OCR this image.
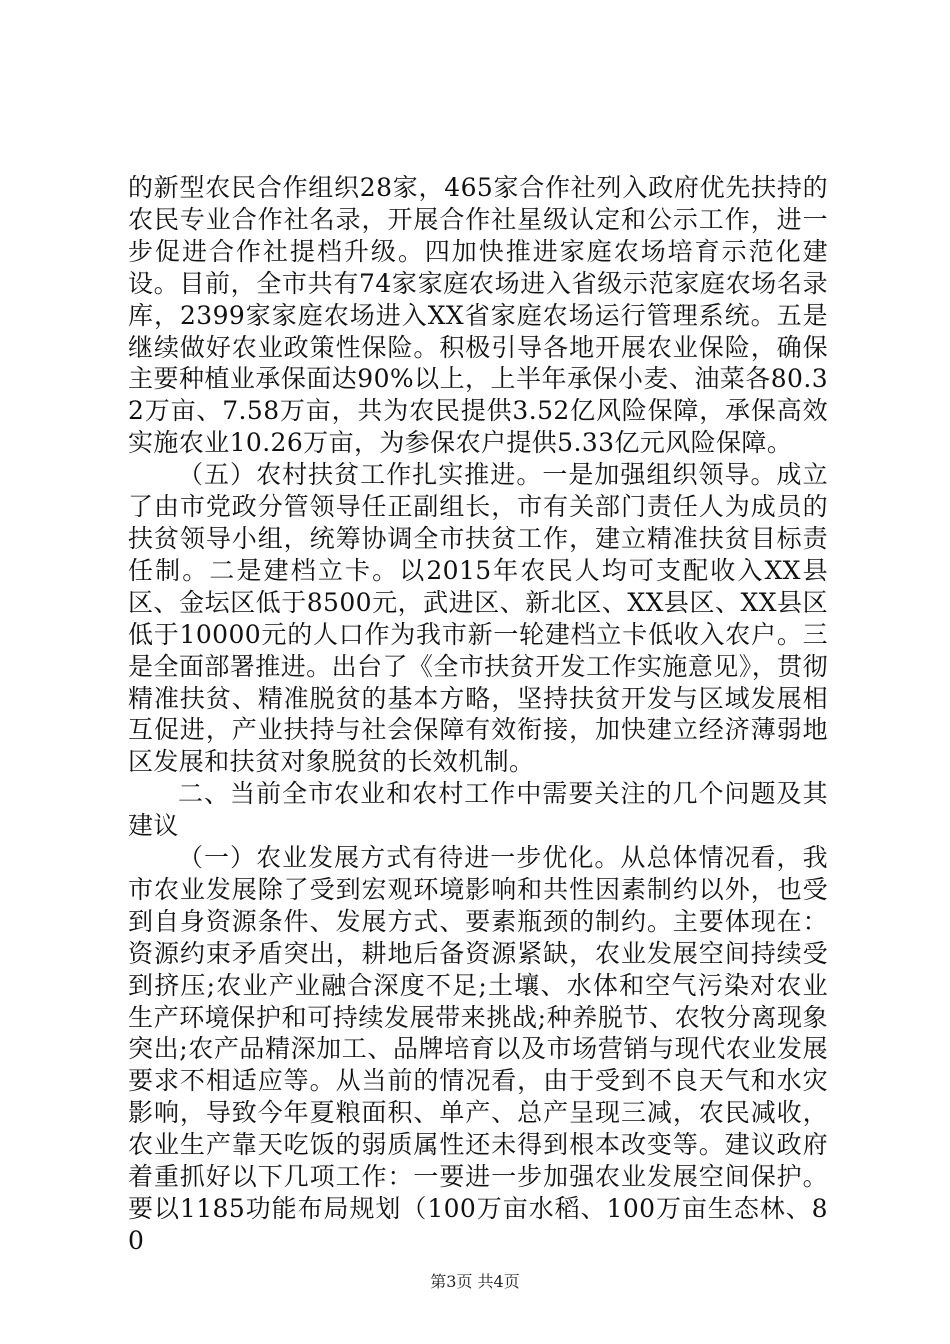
的新型农民合作组织28家，465家合作社列入政府优先扶持的农民专业合作社名录，开展合作社星级认定和公示工作，进一步促进合作社提档升级。四加快推进家庭农场培育示范化建设。目前，全市共有74家家庭农场进入省级示范家庭农场名录库，2399家家庭农场进入XX省家庭农场运行管理系统。五是继续做好农业政策性保险。积极引导各地开展农业保险，确保主要种植业承保面达90%以上，上半年承保小麦、油菜各80.32万亩、7.58万亩，共为农民提供3.52亿风险保障，承保高效实施农业10.26万亩，为参保农户提供5.33亿元风险保障。

（五）农村扶贫工作扎实推进。一是加强组织领导。成立了由市党政分管领导任正副组长，市有关部门责任人为成员的扶贫领导小组，统筹协调全市扶贫工作，建立精准扶贫目标责任制。二是建档立卡。以2015年农民人均可支配收入XX县区、金坛区低于8500元，武进区、新北区、XX县区、XX县区低于10000元的人口作为我市新一轮建档立卡低收入农户。三是全面部署推进。出台了《全市扶贫开发工作实施意见》，贯彻精准扶贫、精准脱贫的基本方略，坚持扶贫开发与区域发展相互促进，产业扶持与社会保障有效衔接，加快建立经济薄弱地区发展和扶贫对象脱贫的长效机制。

二、当前全市农业和农村工作中需要关注的几个问题及其建议

（一）农业发展方式有待进一步优化。从总体情况看，我市农业发展除了受到宏观环境影响和共性因素制约以外，也受到自身资源条件、发展方式、要素瓶颈的制约。主要体现在：资源约束矛盾突出，耕地后备资源紧缺，农业发展空间持续受到挤压;农业产业融合深度不足;土壤、水体和空气污染对农业生产环境保护和可持续发展带来挑战;种养脱节、农牧分离现象突出;农产品精深加工、品牌培育以及市场营销与现代农业发展要求不相适应等。从当前的情况看，由于受到不良天气和水灾影响，导致今年夏粮面积、单产、总产呈现三减，农民减收，农业生产靠天吃饭的弱质属性还未得到根本改变等。建议政府着重抓好以下几项工作：一要进一步加强农业发展空间保护。要以1185功能布局规划（100万亩水稻、100万亩生态林、80

第3页 共4页
